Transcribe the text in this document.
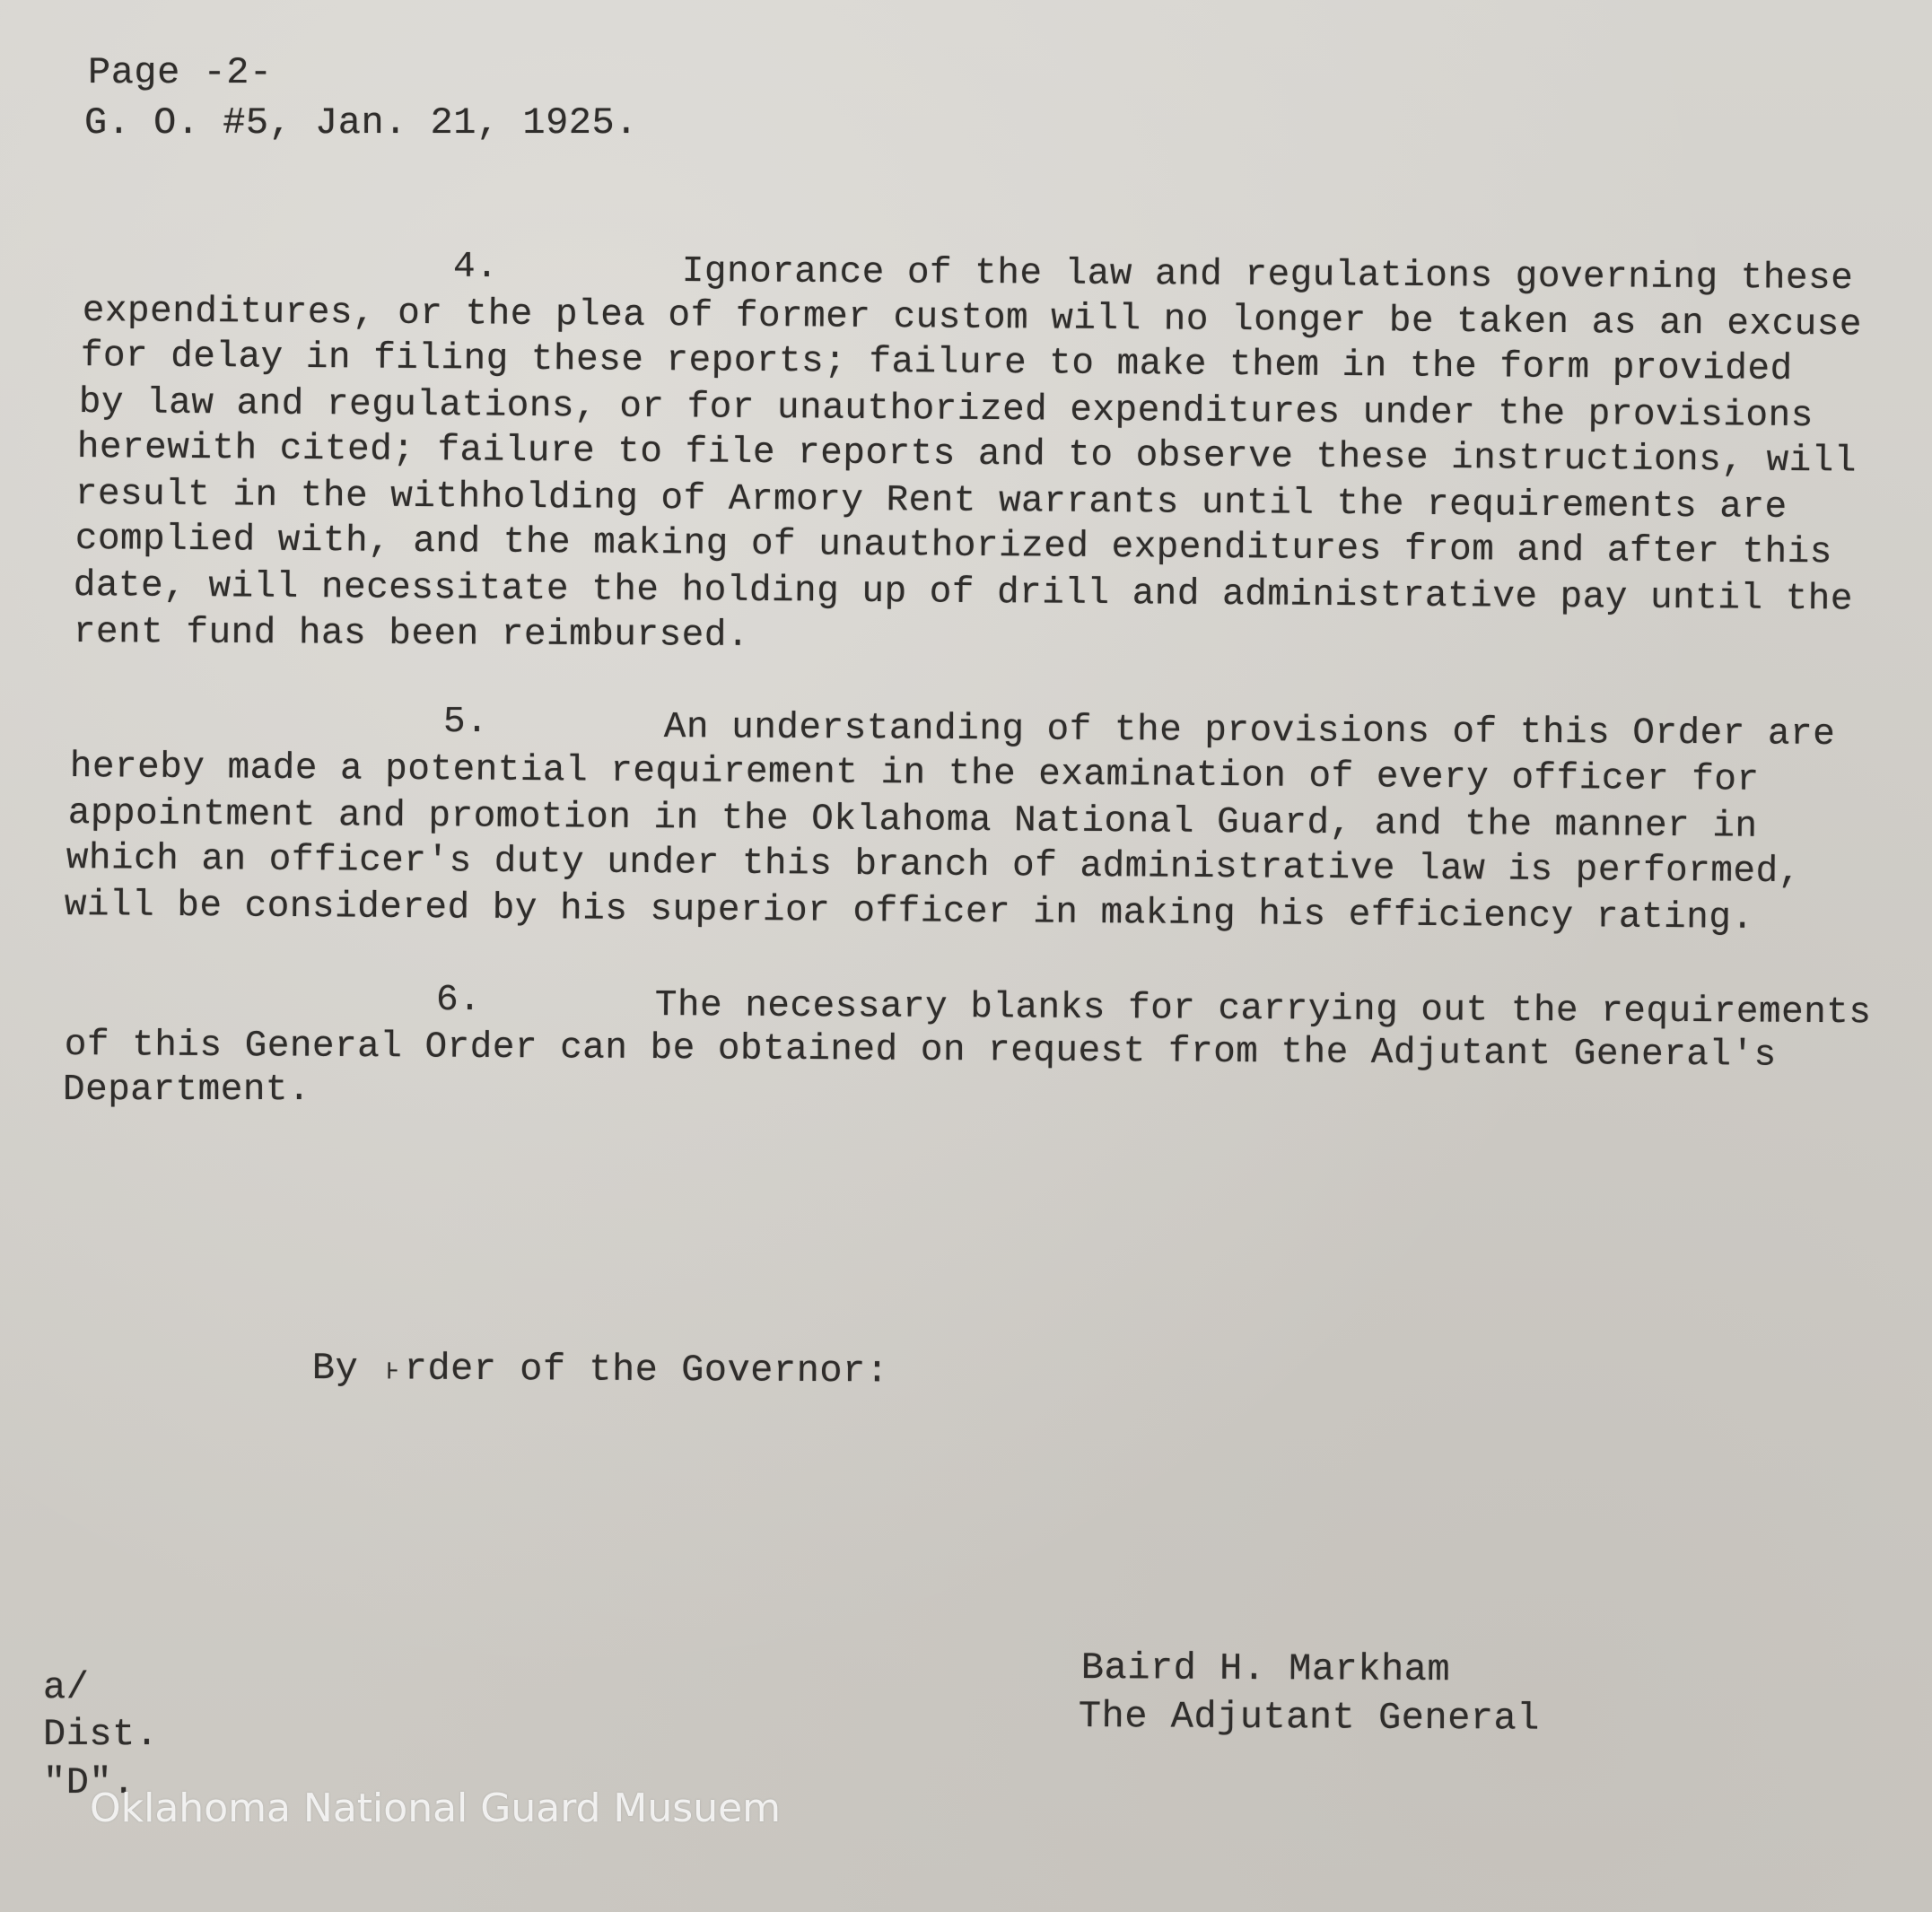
Page -2-
G. O. #5, Jan. 21, 1925.
4.	Ignorance of the law and regulations governing these
expenditures, or the plea of former custom will no longer be taken as an excuse
for delay in filing these reports; failure to make them in the form provided
by law and regulations, or for unauthorized expenditures under the provisions
herewith cited; failure to file reports and to observe these instructions, will
result in the withholding of Armory Rent warrants until the requirements are
complied with, and the making of unauthorized expenditures from and after this
date, will necessitate the holding up of drill and administrative pay until the
rent fund has been reimbursed.
5.	An understanding of the provisions of this Order are
hereby made a potential requirement in the examination of every officer for
appointment and promotion in the Oklahoma National Guard, and the manner in
which an officer's duty under this branch of administrative law is performed,
will be considered by his superior officer in making his efficiency rating.
6.	The necessary blanks for carrying out the requirements
of this General Order can be obtained on request from the Adjutant General's
Department.
By ˫rder of the Governor:
Baird H. Markham
The Adjutant General
a/
Dist.
"D".
Oklahoma National Guard Musuem
